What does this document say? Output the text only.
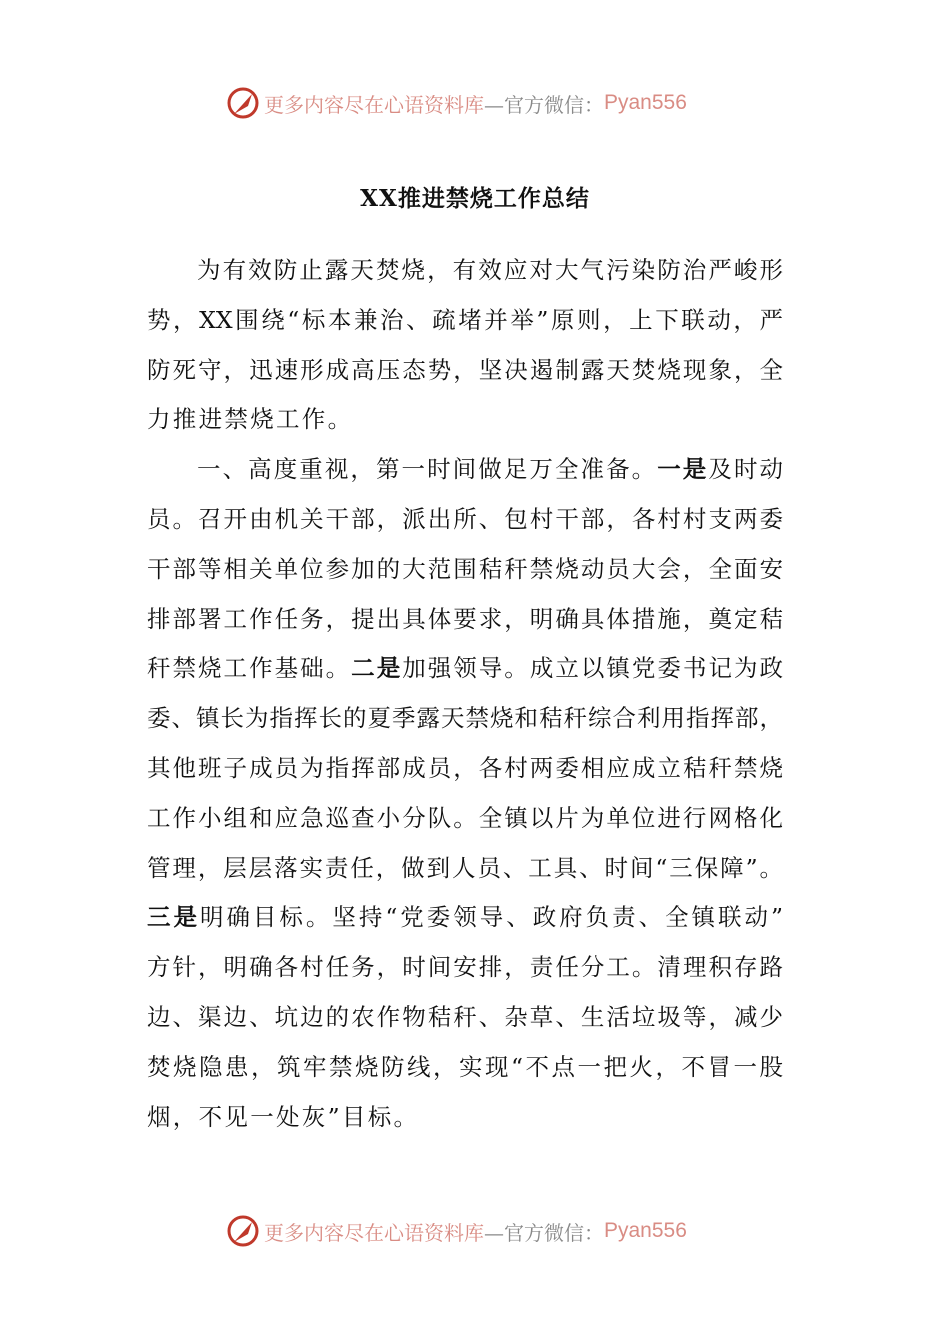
更多内容尽在心语资料库 —官方微信： Pyan556
XX推进禁烧工作总结
为有效防止露天焚烧，有效应对大气污染防治严峻形
势，XX围绕“标本兼治、疏堵并举”原则，上下联动，严
防死守，迅速形成高压态势，坚决遏制露天焚烧现象，全
力推进禁烧工作。
一、高度重视，第一时间做足万全准备。一是及时动
员。召开由机关干部，派出所、包村干部，各村村支两委
干部等相关单位参加的大范围秸秆禁烧动员大会，全面安
排部署工作任务，提出具体要求，明确具体措施，奠定秸
秆禁烧工作基础。二是加强领导。成立以镇党委书记为政
委、镇长为指挥长的夏季露天禁烧和秸秆综合利用指挥部，
其他班子成员为指挥部成员，各村两委相应成立秸秆禁烧
工作小组和应急巡查小分队。全镇以片为单位进行网格化
管理，层层落实责任，做到人员、工具、时间“三保障”。
三是明确目标。坚持“党委领导、政府负责、全镇联动”
方针，明确各村任务，时间安排，责任分工。清理积存路
边、渠边、坑边的农作物秸秆、杂草、生活垃圾等，减少
焚烧隐患，筑牢禁烧防线，实现“不点一把火，不冒一股
烟，不见一处灰”目标。
更多内容尽在心语资料库 —官方微信： Pyan556
